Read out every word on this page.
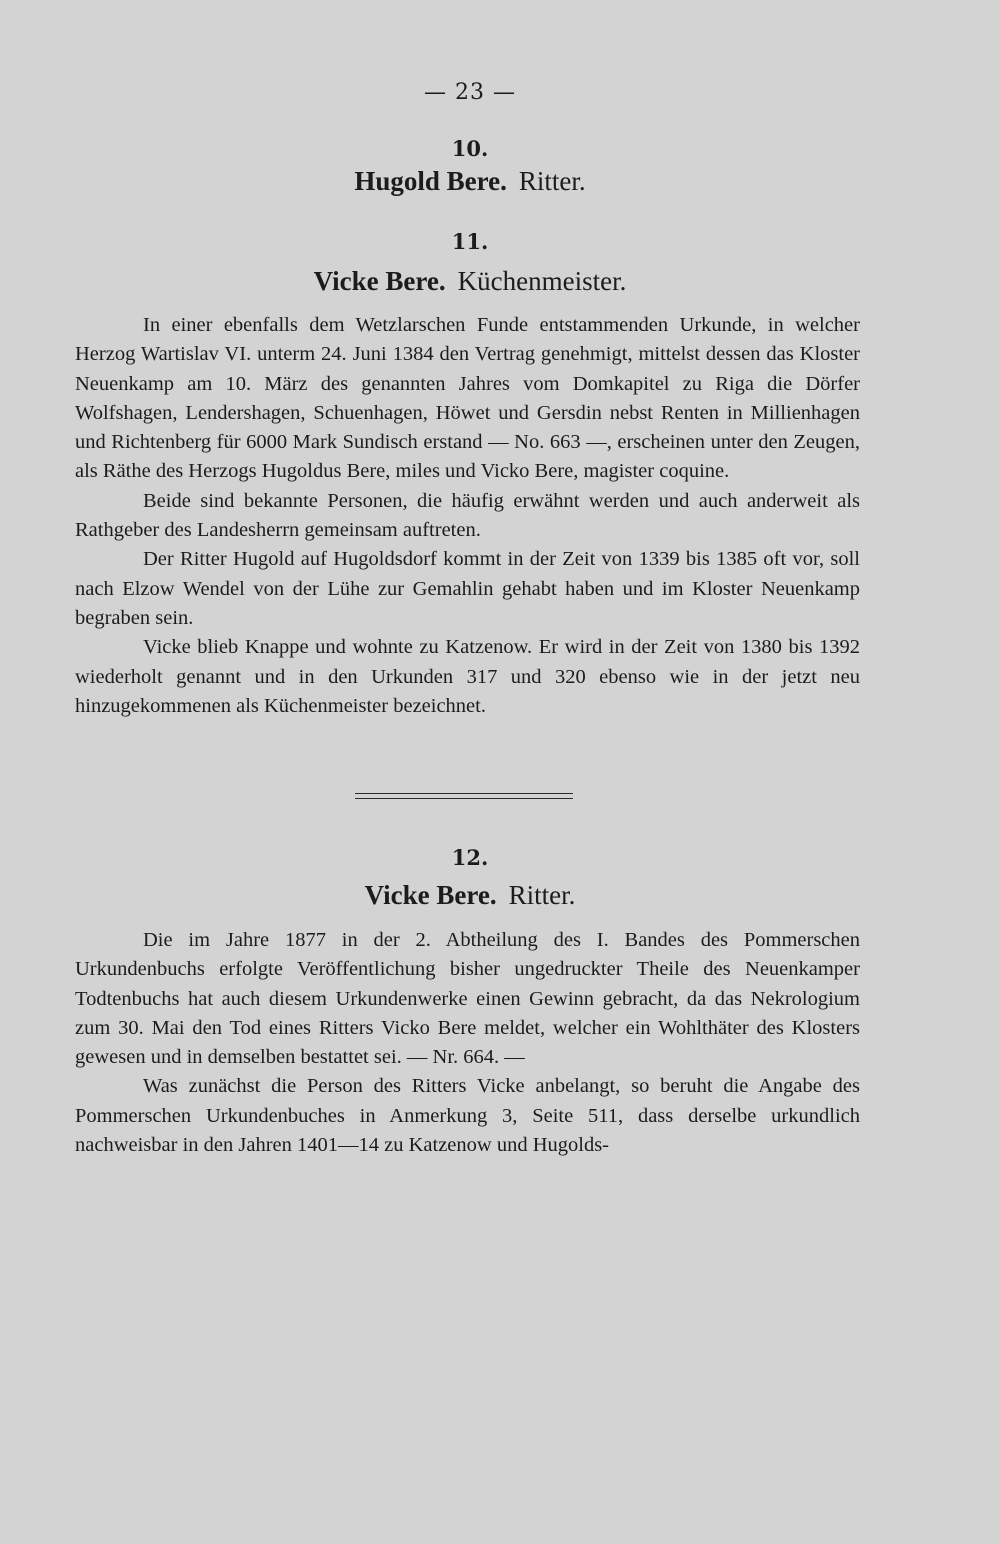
— 23 —
10.
Hugold Bere. Ritter.
11.
Vicke Bere. Küchenmeister.

In einer ebenfalls dem Wetzlarschen Funde entstammenden Urkunde, in welcher Herzog Wartislav VI. unterm 24. Juni 1384 den Vertrag genehmigt, mittelst dessen das Kloster Neuenkamp am 10. März des genannten Jahres vom Domkapitel zu Riga die Dörfer Wolfshagen, Lendershagen, Schuenhagen, Höwet und Gersdin nebst Renten in Millienhagen und Richtenberg für 6000 Mark Sundisch erstand — No. 663 —, erscheinen unter den Zeugen, als Räthe des Herzogs Hugoldus Bere, miles und Vicko Bere, magister coquine.

Beide sind bekannte Personen, die häufig erwähnt werden und auch anderweit als Rathgeber des Landesherrn gemeinsam auftreten.

Der Ritter Hugold auf Hugoldsdorf kommt in der Zeit von 1339 bis 1385 oft vor, soll nach Elzow Wendel von der Lühe zur Gemahlin gehabt haben und im Kloster Neuenkamp begraben sein.

Vicke blieb Knappe und wohnte zu Katzenow. Er wird in der Zeit von 1380 bis 1392 wiederholt genannt und in den Urkunden 317 und 320 ebenso wie in der jetzt neu hinzugekommenen als Küchenmeister bezeichnet.

12.
Vicke Bere. Ritter.

Die im Jahre 1877 in der 2. Abtheilung des I. Bandes des Pommerschen Urkundenbuchs erfolgte Veröffentlichung bisher ungedruckter Theile des Neuenkamper Todtenbuchs hat auch diesem Urkundenwerke einen Gewinn gebracht, da das Nekrologium zum 30. Mai den Tod eines Ritters Vicko Bere meldet, welcher ein Wohlthäter des Klosters gewesen und in demselben bestattet sei. — Nr. 664. —

Was zunächst die Person des Ritters Vicke anbelangt, so beruht die Angabe des Pommerschen Urkundenbuches in Anmerkung 3, Seite 511, dass derselbe urkundlich nachweisbar in den Jahren 1401—14 zu Katzenow und Hugolds-
